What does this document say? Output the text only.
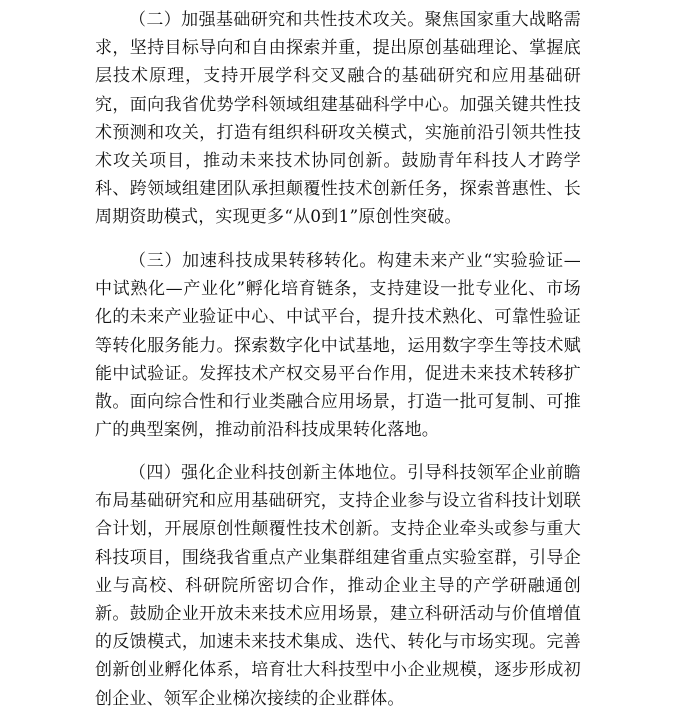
（二）加强基础研究和共性技术攻关。聚焦国家重大战略需求，坚持目标导向和自由探索并重，提出原创基础理论、掌握底层技术原理，支持开展学科交叉融合的基础研究和应用基础研究，面向我省优势学科领域组建基础科学中心。加强关键共性技术预测和攻关，打造有组织科研攻关模式，实施前沿引领共性技术攻关项目，推动未来技术协同创新。鼓励青年科技人才跨学科、跨领域组建团队承担颠覆性技术创新任务，探索普惠性、长周期资助模式，实现更多“从0到1”原创性突破。

（三）加速科技成果转移转化。构建未来产业“实验验证—中试熟化—产业化”孵化培育链条，支持建设一批专业化、市场化的未来产业验证中心、中试平台，提升技术熟化、可靠性验证等转化服务能力。探索数字化中试基地，运用数字孪生等技术赋能中试验证。发挥技术产权交易平台作用，促进未来技术转移扩散。面向综合性和行业类融合应用场景，打造一批可复制、可推广的典型案例，推动前沿科技成果转化落地。

（四）强化企业科技创新主体地位。引导科技领军企业前瞻布局基础研究和应用基础研究，支持企业参与设立省科技计划联合计划，开展原创性颠覆性技术创新。支持企业牵头或参与重大科技项目，围绕我省重点产业集群组建省重点实验室群，引导企业与高校、科研院所密切合作，推动企业主导的产学研融通创新。鼓励企业开放未来技术应用场景，建立科研活动与价值增值的反馈模式，加速未来技术集成、迭代、转化与市场实现。完善创新创业孵化体系，培育壮大科技型中小企业规模，逐步形成初创企业、领军企业梯次接续的企业群体。
